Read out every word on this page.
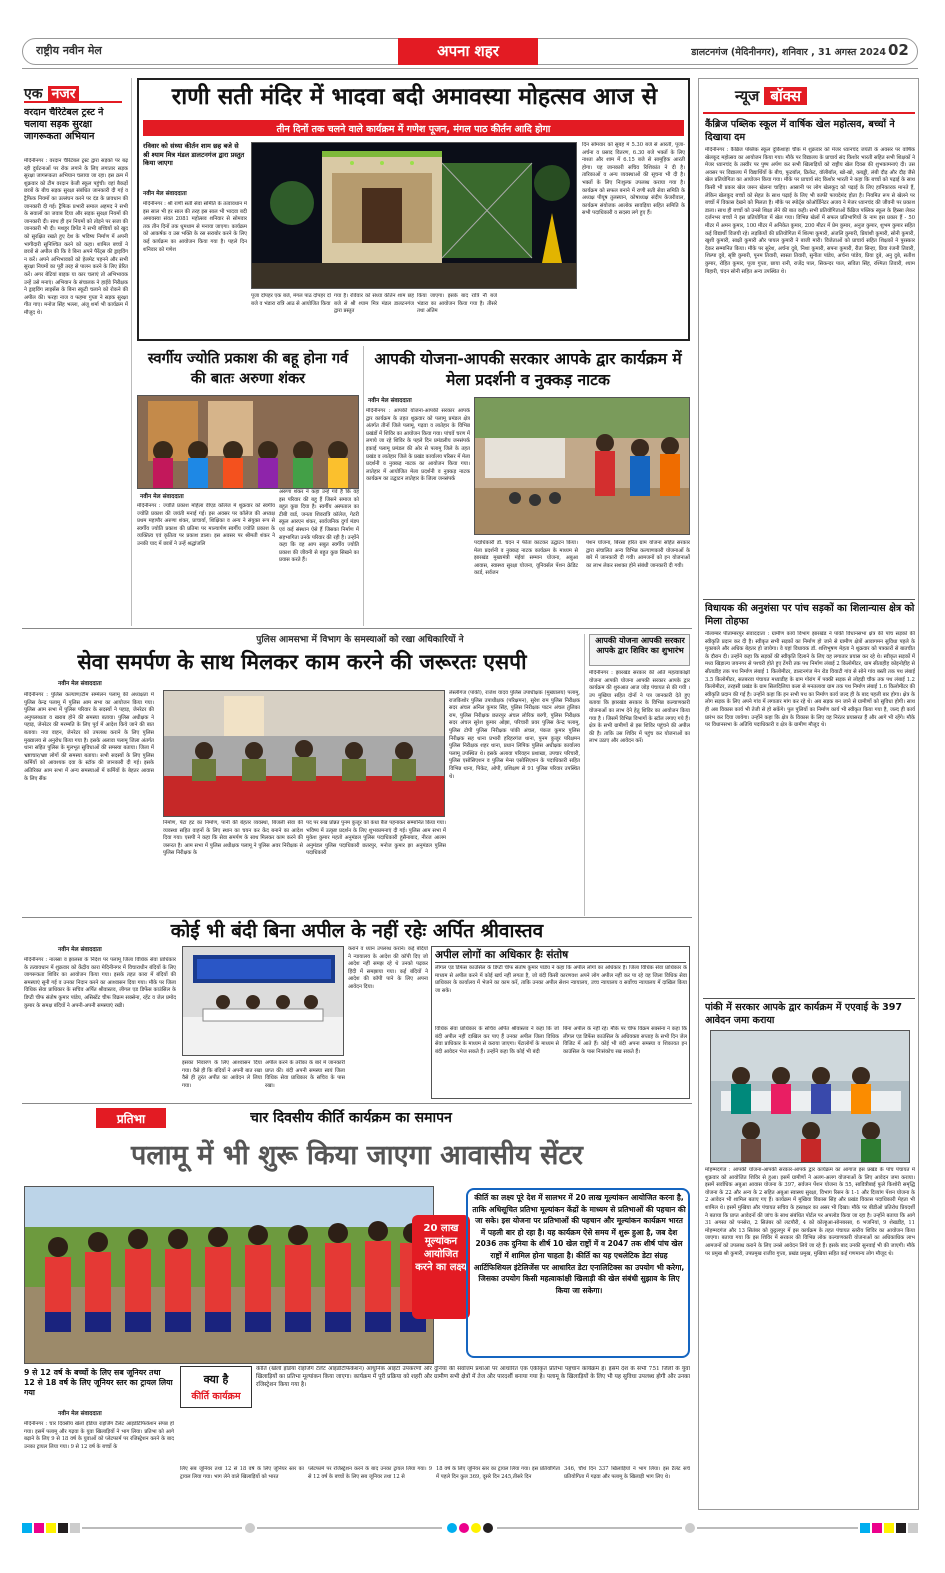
राष्ट्रीय नवीन मेल	अपना शहर	डालटनगंज (मेदिनीनगर), शनिवार , 31 अगस्त 2024 02
एक नजर
वरदान चैरिटेबल ट्रस्ट ने चलाया सड़क सुरक्षा जागरूकता अभियान
मेदिनीनगर : वरदान चैरिटेबल ट्रस्ट द्वारा सड़कों पर बढ़ रही दुर्घटनाओं पर रोक लगाने के लिए लगातार सड़क सुरक्षा जागरूकता अभियान चलाया जा रहा। इस क्रम में शुक्रवार को टीम वरदान केजी स्कूल पहुंची। वहां बैकड़ों छात्रों के बीच सड़क सुरक्षा संबंधित जानकारी दी गई व ट्रैफिक नियमों का उल्लंघन करने पर दंड के प्रावधान की जानकारी दी गई। ट्रैफिक प्रभारी समाल अहमद ने सभी के सवालों का जवाब दिया और सड़क सुरक्षा नियमों की जानकारी दी। साथ ही इन नियमों को तोड़ने पर सजा की जानकारी भी दी। मशहूर डिपेंड ने सभी बच्चियों को खुद को सुरक्षित रखते हुए देश के भविष्य निर्माण में अपनी भागीदारी सुनिश्चित करने को कहा। शामिल बच्चों ने छात्रों से अपील की कि वे बिना अपने पैरेंट्स की ड्राइविंग न करें। अपने अभिभावकों को हेलमेट पहनने और सभी सुरक्षा नियमों का पूरी तरह से पालन करने के लिए प्रेरित करें। अगर बेटियां बाइक या कार चलाएं तो अभिभावक उन्हें उसे मनाएं। अभियान के संचालक ने हाईवे निरीक्षक ने ड्राइविंग लाइसेंस के बिना स्कूटी चलाने को रोकने की अपील की। फरहा नाज व फहमा गुप्ता ने सड़क सुरक्षा गीत गाए। मनोज सिंह भल्ला, अंजू शर्मा भी कार्यक्रम में मौजूद थे।
राणी सती मंदिर में भादवा बदी अमावस्या मोहत्सव आज से
तीन दिनों तक चलने वाले कार्यक्रम में गणेश पूजन, मंगल पाठ कीर्तन आदि होगा
रविवार को संध्या कीर्तन शाम छह बजे से श्री श्याम मित्र मंडल डालटनगंज द्वारा प्रस्तुत किया जाएगा
नवीन मेल संवाददाता
मेदिनीनगर : श्री राणी सती सेवा समिति के तत्वावधान में इस साल भी हर साल की तरह इस साल भी भादवा बदी अमावस्या संवत 2081 महोत्सव शनिवार से सोमवार तक तीन दिनों तक धूमधाम से मनाया जाएगा। कार्यक्रम को आकर्षक व उस भक्ति के रस सराबोर करने के लिए कई कार्यक्रम का आयोजन किया गया है। पहले दिन शनिवार को गणेश
पूजा दोपहर एक बजे, मंगल पाठ दोपहर दो बजे व भंडारा रात्रि आठ से आयोजित किया
गया है। रविवार को संध्या कीर्तन शाम छह बजे से श्री श्याम मित्र मंडल डालटनगंज द्वारा प्रस्तुत
किया जाएगा। इसके बाद रात्रि नौ बजे भंडारा का आयोजन किया गया है। तीसरे तथा अंतिम
दिन सोमवार को सुबह में 5.30 बजे से आरती, पूजा-अर्चना व प्रसाद वितरण, 6.30 बजे भक्तों के लिए नाश्ता और शाम में 6.15 बजे से सामूहिक आरती होगा। यह जानकारी सचिव रिशिकांत ने दी है। तारिकाओं व अन्य व्यवस्थाओं की सूचना भी दी है। भक्तों के लिए निःशुल्क उपलब्ध कराया गया है। कार्यक्रम को सफल बनाने में राणी सती सेवा समिति के अध्यक्ष पीयूष तुलस्यान, कोषाध्यक्ष संदीप केजरीवाल, कार्यक्रम संयोजक आलोक सावड़िया सहित समिति के सभी पदाधिकारी व सदस्य लगे हुए हैं।
स्वर्गीय ज्योति प्रकाश की बहू होना गर्व की बातः अरुणा शंकर
नवीन मेल संवाददाता
मेदिनीनगर : ज्योति प्रकाश महिला वीएड कॉलेज में शुक्रवार को स्वर्गीय ज्योति प्रकाश की जयंती मनाई गई। इस अवसर पर कॉलेज की अध्यक्ष प्रथम महापौर अरुणा शंकर, प्राचार्या, शिक्षिका व अन्य ने संयुक्त रूप से स्वर्गीय ज्योति प्रकाश की प्रतिमा पर माल्यार्पण स्वर्गीय ज्योति प्रकाश के व्यक्तित्व एवं कृतित्व पर प्रकाश डाला। इस अवसर पर श्रीमती शंकर ने उनकी याद में छात्रों ने उन्हें श्रद्धांजलि
अरुणा शंकर ने कहा उन्हें गर्व है कि वह इस परिवार की बहू हैं जिसने समाज को बहुत कुछ दिया है। स्वर्गीय अस्पताल का टीबी वार्ड, जनता शिवरात्रि कॉलेज, गेटरी स्कूल आरएन शंकर, सार्वजनिक दुर्गा मंडप एवं कई संस्थान ऐसे हैं जिसका निर्माण में सहभागिता उनके परिवार की रही है। उन्होंने कहा कि वह आप सबुत स्वर्गीय ज्योति प्रकाश की जीवनी से बहुत कुछ सिखने का प्रयास करते हैं।
आपकी योजना-आपकी सरकार आपके द्वार कार्यक्रम में मेला प्रदर्शनी व नुक्कड़ नाटक
नवीन मेल संवाददाता
मेदिनीनगर : आपकी योजना-आपकी सरकार आपके द्वार कार्यक्रम के तहत शुक्रवार को पलामू प्रमंडल क्षेत्र अंतर्गत तीनों जिले पलामू, गढ़वा व लातेहार के विभिन्न प्रखंडों में शिविर का आयोजन किया गया। पांचवें चरण में लगाये जा रहे शिविर के पहले दिन प्रमंडलीय जनसंपर्क इकाई पलामू प्रमंडल की ओर से पलामू जिले के तहत प्रखंड व लातेहार जिले के प्रखंड कार्यालय परिसर में मेला प्रदर्शनी व नुक्कड़ नाटक का आयोजन किया गया। लातेहार में आयोजित मेला प्रदर्शनी व नुक्कड़ नाटक कार्यक्रम का उद्घाटन लातेहार के जिला जनसंपर्क
पदाधिकारी डॉ. चंदन ने फीता काटकर उद्घाटन किया। मेला प्रदर्शनी व नुक्कड़ नाटक कार्यक्रम के माध्यम से झारखंड मुख्यमंत्री मंईयां सम्मान योजना, अबुआ आवास, स्वास्थ्य सुरक्षा योजना, यूनिवर्सल पेंशन क्रेडिट कार्ड, सर्वजन
पेंशन योजना, बिरसा हरित ग्राम योजना सहित सरकार द्वारा संचालित अन्य विभिन्न कल्याणकारी योजनाओं के बारे में जानकारी दी गयी। आमजनों को इन योजनाओं का लाभ लेकर सशक्त होने संबंधी जानकारी दी गयी।
पुलिस आमसभा में विभाग के समस्याओं को रखा अधिकारियों ने
सेवा समर्पण के साथ मिलकर काम करने की जरूरतः एसपी
नवीन मेल संवाददाता
मेदिनीनगर : पुलिस कल्याण/टीम सम्मेलन पलामू की अध्यक्षता में पुलिस केन्द्र पलामू में पुलिस आम सभा का आयोजन किया गया। पुलिस आम सभा में पुलिस परिवार के सदस्यों ने पहाड़, जेनरेटर की अनुपलब्धता व खराब होने की समस्या बताया। पुलिस अधीक्षक ने पहाड़, जेनरेटर की मरम्मति के लिए पूर्व में आदेश किये जाने की बात बताया। नया वाहन, जेनरेटर को उपलब्ध कराने के लिए पुलिस मुख्यालय से अनुरोध किया गया है। इसके अलावा पलामू जिला अंतर्गत थाना सहित पुलिस के मूलभूत सुविधाओं की समस्या बताया। जिला में भ्रष्टाचार/भ्रष्ट लोगों की समस्या बताया। सभी सदस्यों के लिए पुलिस कर्मियों को आवश्यक दवा के स्टॉक की जानकारी दी गई। इसके अतिरिक्त आम सभा में अन्य समस्याओं में कर्मियों के बेहतर आवास के लिए सैंक
निर्माण, पेंटा हट का निर्माण, पानी की बेहतर व्यवस्था, बिजली सेवा की व्यवस्था सहित वाहनों के लिए स्थान का चयन कर केंद बनाने का आदेश दिया गया। एसपी ने कहा कि सेवा समर्पण के साथ मिलकर काम करने की जरूरत है। आम सभा में पुलिस अधीक्षक पलामू ने पुलिस अवर निरीक्षक से पुलिस निरीक्षक के
पद पर रुख प्रोन्नत पुनम कुजूर को कंधा बैज पहनाकर सम्मानित किया गया। भविष्य में उत्कृष्ट प्रदर्शन के लिए शुभकामनाएं दी गई। पुलिस आम सभा में मुकेश कुमार महतो अनुमंडल पुलिस पदाधिकारी हुसैनाबाद, नीरज आलम अनुमंडल पुलिस पदाधिकारी छतरपुर, मनोज कुमार झा अनुमंडल पुलिस पदाधिकारी
लेस्लीगंज (पांकी), राजेश यादव पुलिस उपाधीक्षक (मुख्यालय) पलामू, राजकिशोर पुलिस उपाधीक्षक (परिक्षमन), सुरेश राम पुलिस निरीक्षक सदर अंचल अनिल कुमार सिंह, पुलिस निरीक्षक पाटन अंचल तुलिका राम, पुलिस निरीक्षक छतरपुर अंचल लोरिक बरगी, पुलिस निरीक्षक सदर अंचल सुरेश कुमार ओझा, परिचारी प्रवर पुलिस केन्द्र पलामू, पुलिस टोपी पुलिस निरीक्षक पांकी अंचल, पंकज कुमार पुलिस निरीक्षक सह थाना प्रभारी हरिहरगंज थाना, पुनम कुजूर परिक्षमन पुलिस निरीक्षक शहर थाना, प्रधान लिपिक पुलिस अधीक्षक कार्यालय पलामू उपस्थित थे। इसके अलावा परिवहन प्रशाखा, उपचार परिचारी, पुलिस एसोसिएशन व पुलिस मेन्स एसोसिएशन के पदाधिकारी सहित विभिन्न थाना, पिकेट, ओपी, प्रशिक्षण से 91 पुलिस परिवार उपस्थित थे।
आपकी योजना आपकी सरकार आपके द्वार शिविर का शुभारंभ
मेदिनीनगर : झारखंड सरकार की अति महत्वाकांक्षी योजना आपकी योजना आपकी सरकार आपके द्वार कार्यक्रम की शुरुआत आज जोड़ पंचायत से की गयी । उप मुखिया सहित दोनों ने पत्र जानकारी देते हुए बताया कि झारखंड सरकार के विभिन्न कल्याणकारी योजनाओं का लाभ देने हेतु शिविर का आयोजन किया गया है । जिसमें विभिन्न विभागों के स्टॉल लगाए गये हैं। क्षेत्र के सभी ग्रामीणों से इस शिविर पहुंचने की अपील की है। ताकि उस शिविर में पहुंच कर योजनाओं का लाभ उठाए और आवेदन करें।
कोई भी बंदी बिना अपील के नहीं रहेः अर्पित श्रीवास्तव
नवीन मेल संवाददाता
मेदिनीनगर : नालसा व झालसा के निर्देश पर पलामू जिला विधिक सेवा प्राधिकार के तत्वावधान में शुक्रवार को केंद्रीय कारा मेदिनीनगर में विचाराधीन बंदियों के लिए जागरूकता शिविर का आयोजन किया गया। इसके तहत कारा में बंदियों की समस्याएं सुनी गई व उनका निदान करने का आश्वासन दिया गया। मौके पर जिला विधिक सेवा प्राधिकार के सचिव अर्पित श्रीवास्तव, लीगल एड डिफेंस काउंसिल के डिप्टी चीफ संतोष कुमार पांडेय, असिस्टेंट चीफ विक्रम सक्सेना, रहेंट व जेल प्रमोद कुमार के समक्ष बंदियों ने अपनी-अपनी समस्याएं रखी।
इसका निवारण के लिए आश्वासन दिया गया। वैसे ही कि बंदियों ने अपनी बात रखा वैसे ही तुरंत अपीत का आवेदन ले लिया गया।
अपील करने के तरीका के बारे में जानकारी प्राप्त की। बंदी अपनी समस्या स्वयं जिला विधिक सेवा प्राधिकार के सचिव के पास रखा।
कराने व ध्यान उपलब्ध कराने। कई बंदियों ने न्यायालय के आदेश की कॉपी दिए जो आदेश नहीं समझ रहे थे उनको पढ़कर हिंदी में समझाया गया। कई बंदियों ने आदेश की कॉपी पाने के लिए अपना आवेदन दिया।
अपील लोगों का अधिकार हैः संतोष
लीगल एड डिफेंस काउंसिल के डिप्टी चीफ संतोष कुमार पांडेय ने कहा कि अपील लोगों का अधिकार है। जिला विधिक सेवा प्राधिकार के माध्यम से अपील करने में कोई खर्च नहीं लगता है, जो बंदी किसी कारणवश अपने लोग अपील नहीं कर पा रहे वह जिला विधिक सेवा प्राधिकार के कार्यालय में भेजने का काम करें, ताकि उनका अपील सेशन न्यायालय, उच्च न्यायालय व सर्वोच्च न्यायालय में दाखिल किया जा सके।
विधिक सेवा प्राधिकार के सचिव अर्पित श्रीवास्तव ने कहा कि जो बंदी अपील नहीं दाखिल कर पाए हैं उनका अपील जिला विधिक सेवा प्राधिकार के माध्यम से कराया जाएगा। पेंटालोगों के माध्यम से बंदी आवेदन भेज सकते हैं। उन्होंने कहा कि कोई भी बंदी
बिना अपील के नहीं रहे। मौके पर चीफ विक्रम सक्सेना ने कहा कि लीगल एड डिफेंस काउंसिल के अधिवक्ता सप्ताह के सभी दिन जेल विजिट में आते हैं। कोई भी बंदी अपना समस्या व शिकायत इन काउंसिल के पास निःसंकोच रख सकते हैं।
प्रतिभा	चार दिवसीय कीर्ति कार्यक्रम का समापन
पलामू में भी शुरू किया जाएगा आवासीय सेंटर
20 लाख मूल्यांकन आयोजित करने का लक्ष्य
कीर्ति का लक्ष्य पूरे देश में सालभर में 20 लाख मूल्यांकन आयोजित करना है, ताकि अधिसूचित प्रतिभा मूल्यांकन केंद्रों के माध्यम से प्रतिभाओं की पहचान की जा सके। इस योजना पर प्रतिभाओं की पहचान और मूल्यांकन कार्यक्रम भारत में पहली बार हो रहा है। यह कार्यक्रम ऐसे समय में शुरू हुआ है, जब देश 2036 तक दुनिया के शीर्ष 10 खेल राष्ट्रों में व 2047 तक शीर्ष पांच खेल राष्ट्रों में शामिल होना चाहता है। कीर्ति का यह एथलेटिक डेटा संग्रह आर्टिफिशियल इंटेलिजेंस पर आधारित डेटा एनालिटिक्स का उपयोग भी करेगा, जिसका उपयोग किसी महत्वाकांक्षी खिलाड़ी की खेल संबंधी सुझाव के लिए किया जा सकेगा।
9 से 12 वर्ष के बच्चों के लिए सब जूनियर तथा 12 से 18 वर्ष के लिए जूनियर स्तर का ट्रायल लिया गया
नवीन मेल संवाददाता
मेदिनीनगर : चार दिवसीय खेलो इंडिया राइजिंग टैलेंट आइडेंटिफिकेशन संपन्न हो गया। इसमें पलामू और गढ़वा के युवा खिलाड़ियों ने भाग लिया। प्रतिभा को आगे बढ़ाने के लिए 9 से 18 वर्ष के युवाओं को प्लेटफार्म पर रजिस्ट्रेशन करने के बाद उनका ट्रायल लिया गया। 9 से 12 वर्ष के बच्चों के
क्या है
कीर्ति कार्यक्रम
कीर्ति (खेलो इंडिया राइजिंग टैलेंट आइडेंटिफिकेशन) आधुनिक आईटी उपकरणों और दुनिया की सर्वोत्तम प्रथाओं पर आधारित एक एकीकृत प्रतिभा पहचान कार्यक्रम है। इसमें देश के सभी 751 जिलों के युवा खिलाड़ियों का प्रतिभा मूल्यांकन किया जाएगा। कार्यक्रम में पूरी प्रक्रिया को शहरी और ग्रामीण सभी क्षेत्रों में तेज और पारदर्शी बनाया गया है। पलामू के खिलाड़ियों के लिए भी यह सुविधा उपलब्ध होगी और उनका रजिस्ट्रेशन किया गया है।
लिए सब जूनियर तथा 12 से 18 वर्ष के लिए जूनियर स्तर का ट्रायल लिया गया। भाग लेने वाले खिलाड़ियों को भारत
प्लेटफार्म पर रजिस्ट्रेशन करने के बाद उनका ट्रायल लिया गया। 9 से 12 वर्ष के बच्चों के लिए सब जूनियर तथा 12 से
18 वर्ष के लिए जूनियर स्तर का ट्रायल लिया गया। इस प्रतियोगिता में पहले दिन कुल 369, दूसरे दिन 245,तीसरे दिन
346, चौथे दिन 337 खिलाड़ियों ने भाग लिया। इस टैलेंट सर्च प्रतियोगिता में गढ़वा और पलामू के खिलाड़ी भाग लिए थे।
न्यूज बॉक्स
कैंब्रिज पब्लिक स्कूल में वार्षिक खेल महोत्सव, बच्चों ने दिखाया दम
मेदिनीनगर : कैंब्रिज पब्लिक स्कूल दुर्किशाहा चौक में शुक्रवार को मेजर ध्यानचंद जयंती के अवसर पर वार्षिक खेलकूद महोत्सव का आयोजन किया गया। मौके पर विद्यालय के प्राचार्य संद किशोर भारती सहित सभी शिक्षकों ने मेजर ध्यानचंद के तस्वीर पर पुष्प अर्पण कर सभी खिलाड़ियों को राष्ट्रीय खेल दिवस की शुभकामनाएं दी। उस अवसर पर विद्यालय में विद्यार्थियों के बीच, फुटबॉल, क्रिकेट, वॉलीबॉल, खो-खो, कबड्डी, लंबी दौड़ और दौड़ जैसे खेल प्रतियोगिता का आयोजन किया गया। मौके पर प्राचार्य संद किशोर भारती ने कहा कि बच्चों को पढ़ाई के साथ किसी भी प्रकार खेल जरूर खेलना चाहिए। आसानी पर लोग खेलकूद को पढ़ाई के लिए हानिकारक मानते हैं, लेकिन खेलकूद बच्चों को सेहत के साथ पढ़ाई के लिए भी काफी फायदेमंद होता है। नियमित रूप से खेलने पर बच्चों में विकास देखने को मिलता है। मौके पर स्पोर्ट्स कोऑर्डिनेटर अजय ने मेजर ध्यानचंद की जीवनी पर प्रकाश डाला। साथ ही बच्चों को उनसे शिक्षा लेने की बात कही। सभी प्रतियोगिताओं कैंब्रिज पब्लिक स्कूल के हिस्सा लेकर दर्जनभर बच्चों ने इस प्रतियोगिता में खेल गया। विभिन्न खेलों में सफल प्रतिभागियों के नाम इस प्रकार हैं - 50 मीटर में अमन कुमार, 100 मीटर में अनिकेत कुमार, 200 मीटर में प्रेम कुमार, अनुज कुमार, शुभम कुमार सहित कई विद्यार्थी विजयी रहे। लड़कियों की प्रतियोगिता में शिल्पा कुमारी, अंजलि कुमारी, प्रियांशी कुमारी, सोनी कुमारी, खुशी कुमारी, साक्षी कुमारी और पायल कुमारी ने बाजी मारी। विजेताओं को प्राचार्य सहित शिक्षकों ने पुरस्कार देकर सम्मानित किया। मौके पर सुरेश, अर्चना दुबे, निशा कुमारी, सपना कुमारी, रीता सिन्हा, प्रिया रंजनी तिवारी, शिल्पा दुबे, सृष्टि कुमारी, पूनम तिवारी, स्वस्ता तिवारी, सुनीता पांडेय, अर्चना पांडेय, प्रिया दुबे, अनु दुबे, सतीश कुमार, रोहित कुमार, पूजा गुप्ता, छाया रानी, राजेंद्र पाल, सिकन्दर पाल, सविता सिंह, रश्मिता तिवारी, श्याम बिहारी, चंदन सोनी सहित अन्य उपस्थित थे।
विधायक की अनुशंसा पर पांच सड़कों का शिलान्यास क्षेत्र को मिला तोहफा
नीलाम्बर पीताम्बरपुर संवाददाता : ग्रामीण कार्य विभाग झारखंड ने पांकी विधानसभा क्षेत्र की पांच सड़कों की स्वीकृति प्रदान कर दी है। स्वीकृत सभी सड़कों का निर्माण हो जाने से ग्रामीण क्षेत्रों आवागमन सुविधा पहले के मुकाबले और अधिक बेहतर हो जायेगा। वे यहां विधायक डॉ. शशिभूषण मेहता ने शुक्रवार को पत्रकारों से बातचीत के दौरान दी। उन्होंने कहा कि सड़कों की स्वीकृति दिलाने के लिए वह लगातार प्रयास कर रहे थे। स्वीकृत सड़कों में मध्य खिड़ाल्य जयनगर से पश्चरी होते हुए टेंगरी तक पथ निर्माण लंबाई 2 किलोमीटर, ग्राम सीताहीह कोइनोहीह से सीताडीह तक पथ निर्माण लंबाई 1 किलोमीटर, डाल्टनगंज मेन रोड वियाटी गांव से सोने गांव बस्ती तक पथ लंबाई 3.5 किलोमीटर, सतबरवा पंचायत मध्याडीह के ग्राम गोरांग में पक्की सड़क से लोहड़ी चौक तक पथ लंबाई 1.2 किलोमीटर, तरहसी प्रखंड के ग्राम सिलदिलिया कला से मनतलाया ग्राम तक पथ निर्माण लंबाई 1.6 किलोमीटर की स्वीकृति प्रदान की गई है। उन्होंने कहा कि इन सभी पथ का निर्माण कार्य जल्द ही के बाद पहली बार होगा। क्षेत्र के लोग सड़क के लिए अपने गांव में लगातार मांग कर रहे थे। अब सड़क बन जाने से ग्रामीणों को सुविधा होगी। साथ ही अब विकास कार्य भी तेजी से हो सकेंगे। पुल पुलियों का निर्माण कार्य भी स्वीकृत किया गया है, जल्द ही कार्य प्रारंभ कर दिया जायेगा। उन्होंने कहा कि क्षेत्र के विकास के लिए वह निरंतर प्रयासरत हैं और आगे भी रहेंगे। मौके पर विधानसभा के अतिथि पदाधिकारी व क्षेत्र के ग्रामीण मौजूद थे।
पांकी में सरकार आपके द्वार कार्यक्रम में एएवाई के 397 आवेदन जमा कराया
मोहम्मदगंज : आपकी योजना-आपकी सरकार-आपके द्वार कार्यक्रम का आगाज इस प्रखंड के पांच पंचायत में शुक्रवार को आयोजित शिविर से हुआ। इसमें ग्रामीणों ने अलग-अलग योजनाओं के लिए आवेदन जमा कराया। इसमें सर्वाधिक अबुआ आवास योजना के 397, सर्वजन पेंशन योजना के 55, सावित्रीबाई फुले किशोरी समृद्धि योजना के 22 और अन्य के 2 सहित अबुआ स्वास्थ्य सुरक्षा, विभाग रिसन के 1-1 और दिव्यांग पेंशन योजना के 2 आवेदन भी शामिल बताए गए हैं। कार्यक्रम में मुखिया विकास सिंह और प्रखंड विकास पदाधिकारी मेहता भी शामिल थे। इसमें मुखिया और पंचायत सचिव के हस्ताक्षर का असर भी दिखा। मौके पर बीडीओ प्रतिरोध प्रियदर्शी ने बताया कि प्राप्त आवेदनों की जांच के साथ संबंधित पोर्टल पर अपलोड किया जा रहा है। उन्होंने बताया कि आगे 31 अगस्त को पनसेरा, 2 सितंबर को लटपौरी, 4 को कोल्हुआ-सोनबरसा, 6 भजनियां, 9 शेखडीह, 11 मोहम्मदगंज और 13 सितंबर को कुट्टलपुर में इस कार्यक्रम के तहत पंचायत स्तरीय शिविर का आयोजन किया जाएगा। बताया गया कि इस शिविर में सरकार की विभिन्न लोक कल्याणकारी योजनाओं का अधिकाधिक लाभ आमजनों को उपलब्ध कराने के लिए उनसे आवेदन लिये जा रहे हैं। इसके बाद उनकी सुनवाई भी की जाएगी। मौके पर प्रमुख श्री कुमारी, उपप्रमुख राजीव गुप्ता, प्रखंड प्रमुख, मुखिया सहित कई गणमान्य लोग मौजूद थे।
